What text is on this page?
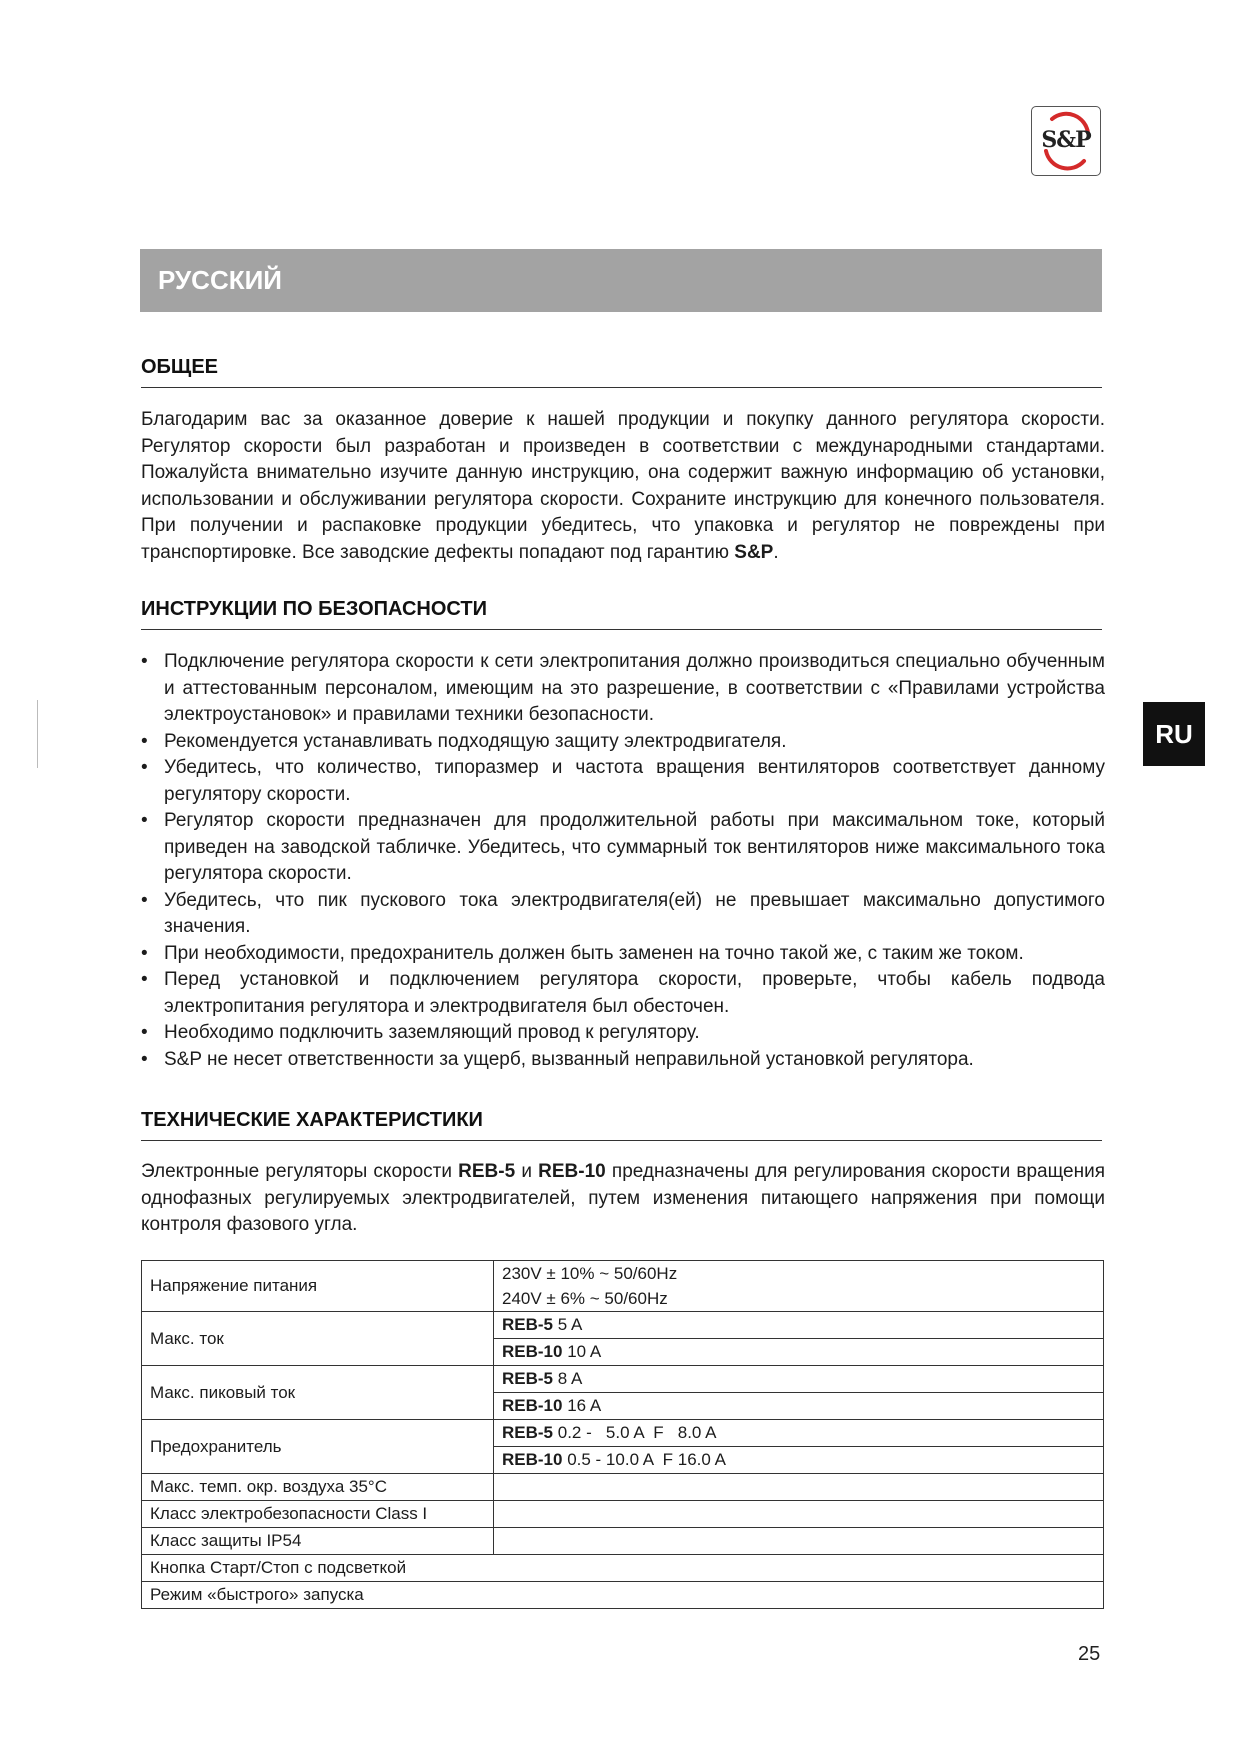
S&P
РУССКИЙ
RU
ОБЩЕЕ

Благодарим вас за оказанное доверие к нашей продукции и покупку данного регулятора скорости. Регулятор скорости был разработан и произведен в соответствии с международными стандартами. Пожалуйста внимательно изучите данную инструкцию, она содержит важную информацию об установки, использовании и обслуживании регулятора скорости. Сохраните инструкцию для конечного пользователя. При получении и распаковке продукции убедитесь, что упаковка и регулятор не повреждены при транспортировке. Все заводские дефекты попадают под гарантию S&P.

ИНСТРУКЦИИ ПО БЕЗОПАСНОСТИ
• Подключение регулятора скорости к сети электропитания должно производиться специально обученным и аттестованным персоналом, имеющим на это разрешение, в соответствии с «Правилами устройства электроустановок» и правилами техники безопасности.
• Рекомендуется устанавливать подходящую защиту электродвигателя.
• Убедитесь, что количество, типоразмер и частота вращения вентиляторов соответствует данному регулятору скорости.
• Регулятор скорости предназначен для продолжительной работы при максимальном токе, который приведен на заводской табличке. Убедитесь, что суммарный ток вентиляторов ниже максимального тока регулятора скорости.
• Убедитесь, что пик пускового тока электродвигателя(ей) не превышает максимально допустимого значения.
• При необходимости, предохранитель должен быть заменен на точно такой же, с таким же током.
• Перед установкой и подключением регулятора скорости, проверьте, чтобы кабель подвода электропитания регулятора и электродвигателя был обесточен.
• Необходимо подключить заземляющий провод к регулятору.
• S&P не несет ответственности за ущерб, вызванный неправильной установкой регулятора.
ТЕХНИЧЕСКИЕ ХАРАКТЕРИСТИКИ

Электронные регуляторы скорости REB-5 и REB-10 предназначены для регулирования скорости вращения однофазных регулируемых электродвигателей, путем изменения питающего напряжения при помощи контроля фазового угла.

Напряжение питания	230V ± 10% ~ 50/60Hz
240V ± 6% ~ 50/60Hz

Макс. ток	REB-5 5 A
	REB-10 10 A
Макс. пиковый ток	REB-5 8 A
	REB-10 16 A
Предохранитель	REB-5 0.2 -   5.0 A  F   8.0 A
	REB-10 0.5 - 10.0 A  F 16.0 A
Макс. темп. окр. воздуха 35°C	
Класс электробезопасности Class I	
Класс защиты IP54	
Кнопка Старт/Стоп с подсветкой	
Режим «быстрого» запуска	
25
